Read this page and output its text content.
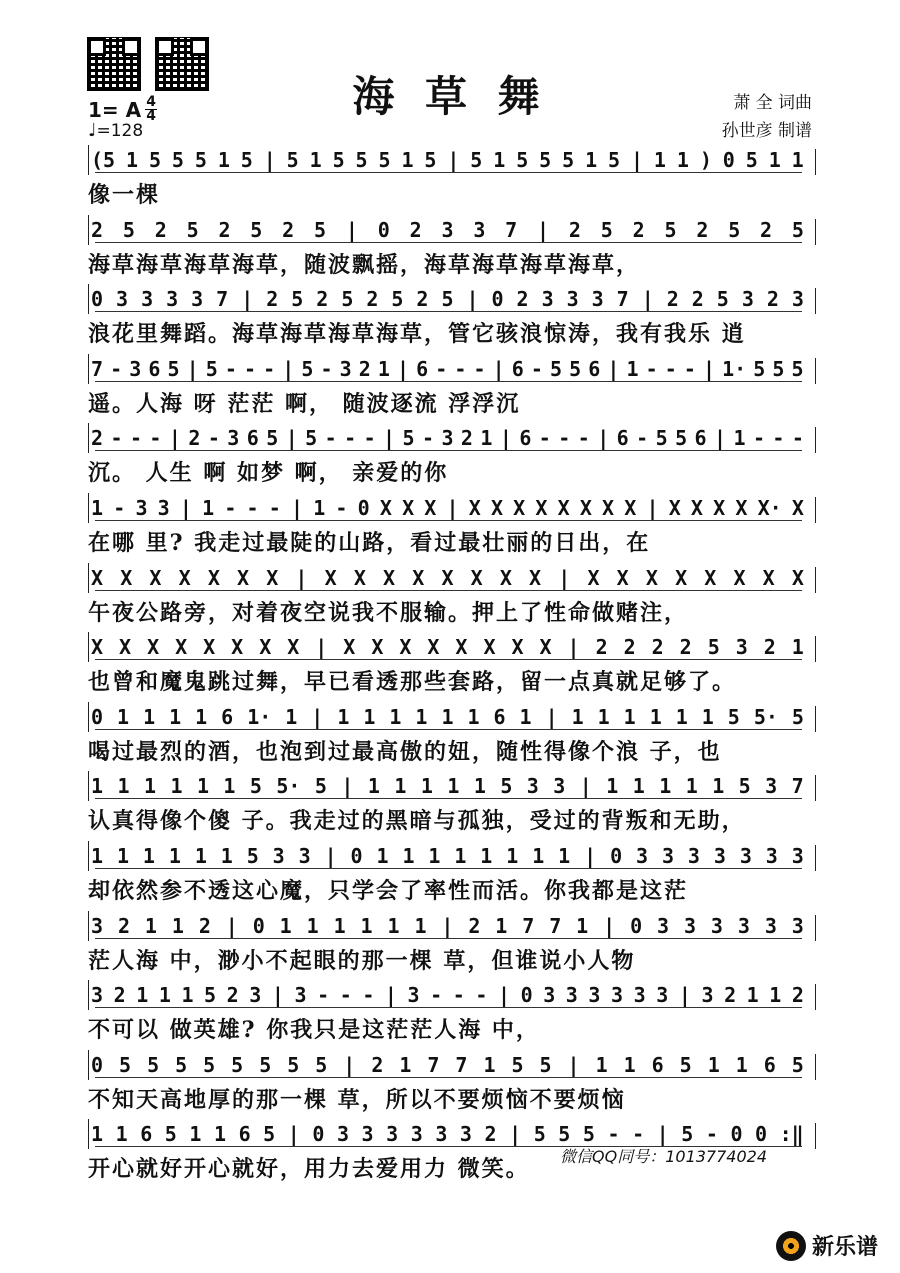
海 草 舞	萧 全 词曲
孙世彦 制谱
1= A $\frac{4}{4}$
♩=128
(5 1 5 5 5 1 5 | 5 1 5 5 5 1 5 | 5 1 5 5 5 1 5 | 1 1 ) 0 5 1 1
像一棵
2 5 2 5 2 5 2 5 | 0 2 3 3 7 | 2 5 2 5 2 5 2 5
海草海草海草海草，随波飘摇，海草海草海草海草，
0 3 3 3 3 7 | 2 5 2 5 2 5 2 5 | 0 2 3 3 3 7 | 2 2 5 3 2 3
浪花里舞蹈。海草海草海草海草，管它骇浪惊涛，我有我乐 逍
7 - 3 6 5 | 5 - - - | 5 - 3 2 1 | 6 - - - | 6 - 5 5 6 | 1 - - - | 1· 5 5 5
遥。人海 呀 茫茫 啊， 随波逐流 浮浮沉
2 - - - | 2 - 3 6 5 | 5 - - - | 5 - 3 2 1 | 6 - - - | 6 - 5 5 6 | 1 - - -
沉。 人生 啊 如梦 啊， 亲爱的你
1 - 3 3 | 1 - - - | 1 - 0 X X X | X X X X X X X X | X X X X X· X
在哪 里? 我走过最陡的山路，看过最壮丽的日出，在
X X X X X X X | X X X X X X X X | X X X X X X X X
午夜公路旁，对着夜空说我不服输。押上了性命做赌注，
X X X X X X X X | X X X X X X X X | 2 2 2 2 5 3 2 1
也曾和魔鬼跳过舞，早已看透那些套路，留一点真就足够了。
0 1 1 1 1 6 1· 1 | 1 1 1 1 1 1 6 1 | 1 1 1 1 1 1 5 5· 5
喝过最烈的酒，也泡到过最高傲的妞，随性得像个浪 子，也
1 1 1 1 1 1 5 5· 5 | 1 1 1 1 1 5 3 3 | 1 1 1 1 1 5 3 7
认真得像个傻 子。我走过的黑暗与孤独，受过的背叛和无助，
1 1 1 1 1 1 5 3 3 | 0 1 1 1 1 1 1 1 1 | 0 3 3 3 3 3 3 3
却依然参不透这心魔，只学会了率性而活。你我都是这茫
3 2 1 1 2 | 0 1 1 1 1 1 1 | 2 1 7 7 1 | 0 3 3 3 3 3 3
茫人海 中，渺小不起眼的那一棵 草，但谁说小人物
3 2 1 1 1 5 2 3 | 3 - - - | 3 - - - | 0 3 3 3 3 3 3 | 3 2 1 1 2
不可以 做英雄? 你我只是这茫茫人海 中，
0 5 5 5 5 5 5 5 5 | 2 1 7 7 1 5 5 | 1 1 6 5 1 1 6 5
不知天高地厚的那一棵 草，所以不要烦恼不要烦恼
1 1 6 5 1 1 6 5 | 0 3 3 3 3 3 3 2 | 5 5 5 - - | 5 - 0 0 :‖
开心就好开心就好，用力去爱用力 微笑。	微信QQ同号：1013774024
新乐谱
